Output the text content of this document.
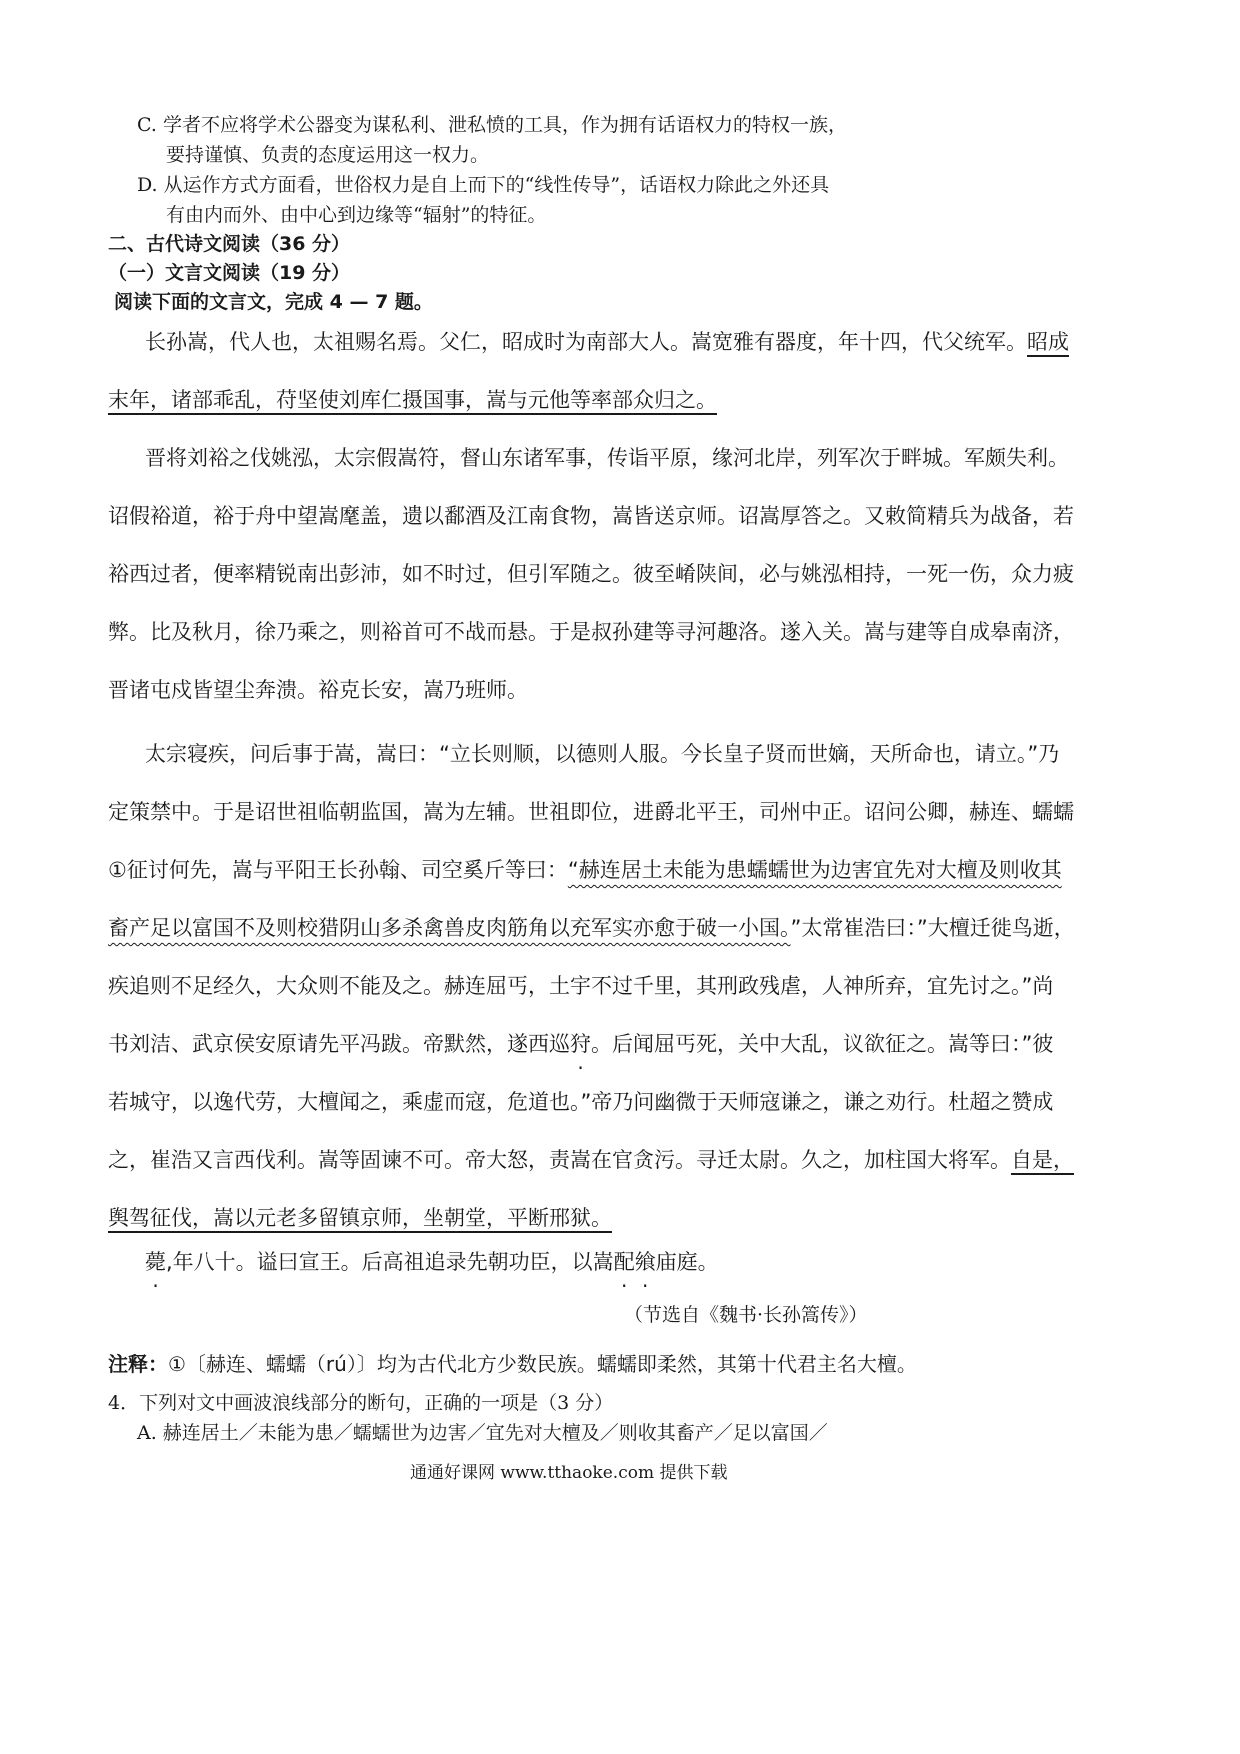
C. 学者不应将学术公器变为谋私利、泄私愤的工具，作为拥有话语权力的特权一族，
要持谨慎、负责的态度运用这一权力。
D. 从运作方式方面看，世俗权力是自上而下的“线性传导”，话语权力除此之外还具
有由内而外、由中心到边缘等“辐射”的特征。
二、古代诗文阅读（36 分）
（一）文言文阅读（19 分）
阅读下面的文言文，完成 4 — 7 题。
长孙嵩，代人也，太祖赐名焉。父仁，昭成时为南部大人。嵩宽雅有器度，年十四，代父统军。昭成
末年，诸部乖乱，苻坚使刘库仁摄国事，嵩与元他等率部众归之。
晋将刘裕之伐姚泓，太宗假嵩符，督山东诸军事，传诣平原，缘河北岸，列军次于畔城。军颇失利。
诏假裕道，裕于舟中望嵩麾盖，遗以鄱酒及江南食物，嵩皆送京师。诏嵩厚答之。又敕简精兵为战备，若
裕西过者，便率精锐南出彭沛，如不时过，但引军随之。彼至崤陕间，必与姚泓相持，一死一伤，众力疲
弊。比及秋月，徐乃乘之，则裕首可不战而悬。于是叔孙建等寻河趣洛。遂入关。嵩与建等自成皋南济，
晋诸屯戍皆望尘奔溃。裕克长安，嵩乃班师。
太宗寝疾，问后事于嵩，嵩曰：“立长则顺，以德则人服。今长皇子贤而世嫡，天所命也，请立。”乃
定策禁中。于是诏世祖临朝监国，嵩为左辅。世祖即位，进爵北平王，司州中正。诏问公卿，赫连、蠕蠕
①征讨何先，嵩与平阳王长孙翰、司空奚斤等曰：“赫连居土未能为患蠕蠕世为边害宜先对大檀及则收其
畜产足以富国不及则校猎阴山多杀禽兽皮肉筋角以充军实亦愈于破一小国。”太常崔浩曰：”大檀迁徙鸟逝，
疾追则不足经久，大众则不能及之。赫连屈丐，土宇不过千里，其刑政残虐，人神所弃，宜先讨之。”尚
书刘洁、武京侯安原请先平冯跋。帝默然，遂西巡狩。后闻屈丐死，关中大乱，议欲征之。嵩等曰：”彼
若城守，以逸代劳，大檀闻之，乘虚而寇，危道也。”帝乃问幽微于天师寇谦之，谦之劝行。杜超之赞成
之，崔浩又言西伐利。嵩等固谏不可。帝大怒，责嵩在官贪污。寻迁太尉。久之，加柱国大将军。自是，
舆驾征伐，嵩以元老多留镇京师，坐朝堂，平断邢狱。
薨,年八十。谥曰宣王。后高祖追录先朝功臣，以嵩配飨庙庭。
（节选自《魏书·长孙篙传》）
注释：①〔赫连、蠕蠕（rú）〕均为古代北方少数民族。蠕蠕即柔然，其第十代君主名大檀。
4．下列对文中画波浪线部分的断句，正确的一项是（3 分）
A. 赫连居土／未能为患／蠕蠕世为边害／宜先对大檀及／则收其畜产／足以富国／
通通好课网 www.tthaoke.com 提供下载
